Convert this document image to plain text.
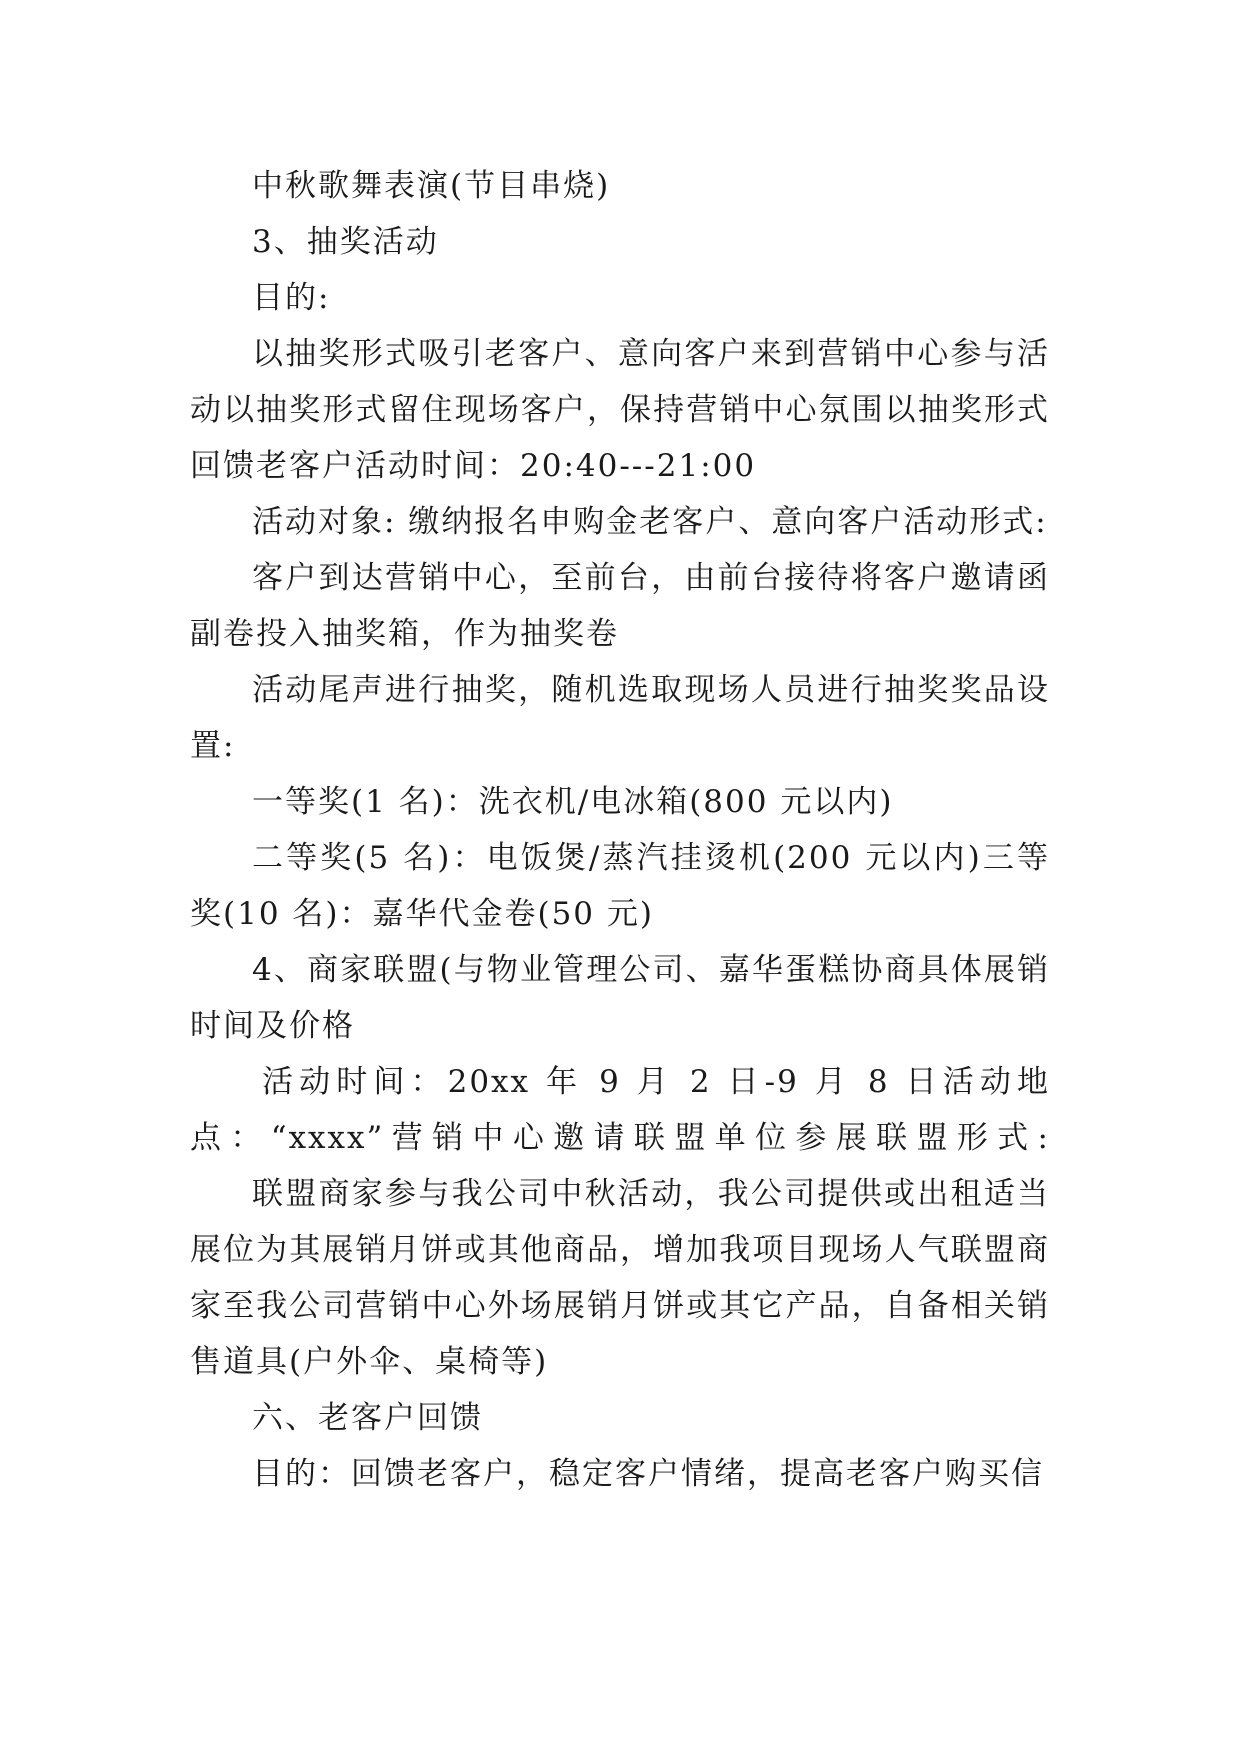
中秋歌舞表演(节目串烧)

3、抽奖活动

目的:

以抽奖形式吸引老客户、意向客户来到营销中心参与活动以抽奖形式留住现场客户，保持营销中心氛围以抽奖形式回馈老客户活动时间：20:40---21:00

活动对象: 缴纳报名申购金老客户、意向客户活动形式:

客户到达营销中心，至前台，由前台接待将客户邀请函副卷投入抽奖箱，作为抽奖卷

活动尾声进行抽奖，随机选取现场人员进行抽奖奖品设置:

一等奖(1 名)：洗衣机/电冰箱(800 元以内)

二等奖(5 名)：电饭煲/蒸汽挂烫机(200 元以内)三等奖(10 名)：嘉华代金卷(50 元)

4、商家联盟(与物业管理公司、嘉华蛋糕协商具体展销时间及价格

活动时间：20xx 年 9 月 2 日-9 月 8 日活动地点：“xxxx”营销中心邀请联盟单位参展联盟形式:

联盟商家参与我公司中秋活动，我公司提供或出租适当展位为其展销月饼或其他商品，增加我项目现场人气联盟商家至我公司营销中心外场展销月饼或其它产品，自备相关销售道具(户外伞、桌椅等)

六、老客户回馈

目的：回馈老客户，稳定客户情绪，提高老客户购买信
